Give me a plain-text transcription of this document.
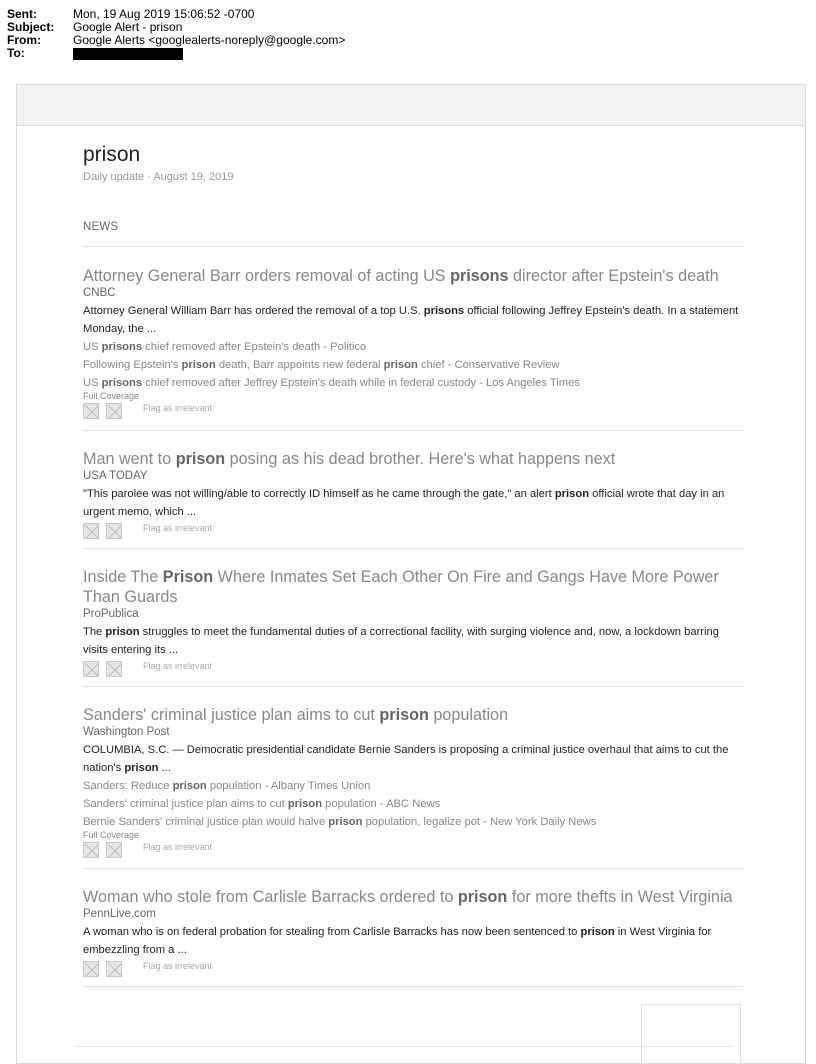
Sent:	Mon, 19 Aug 2019 15:06:52 -0700
Subject:	Google Alert - prison
From:	Google Alerts <googlealerts-noreply@google.com>
To:
prison
Daily update · August 19, 2019
NEWS
Attorney General Barr orders removal of acting US prisons director after Epstein's death
CNBC
Attorney General William Barr has ordered the removal of a top U.S. prisons official following Jeffrey Epstein's death. In a statement Monday, the ...
US prisons chief removed after Epstein's death - Politico
Following Epstein's prison death, Barr appoints new federal prison chief - Conservative Review
US prisons chief removed after Jeffrey Epstein's death while in federal custody - Los Angeles Times
Full Coverage
Flag as irrelevant
Man went to prison posing as his dead brother. Here's what happens next
USA TODAY
"This parolee was not willing/able to correctly ID himself as he came through the gate," an alert prison official wrote that day in an urgent memo, which ...
Flag as irrelevant
Inside The Prison Where Inmates Set Each Other On Fire and Gangs Have More Power Than Guards
ProPublica
The prison struggles to meet the fundamental duties of a correctional facility, with surging violence and, now, a lockdown barring visits entering its ...
Flag as irrelevant
Sanders' criminal justice plan aims to cut prison population
Washington Post
COLUMBIA, S.C. — Democratic presidential candidate Bernie Sanders is proposing a criminal justice overhaul that aims to cut the nation's prison ...
Sanders: Reduce prison population - Albany Times Union
Sanders' criminal justice plan aims to cut prison population - ABC News
Bernie Sanders' criminal justice plan would halve prison population, legalize pot - New York Daily News
Full Coverage
Flag as irrelevant
Woman who stole from Carlisle Barracks ordered to prison for more thefts in West Virginia
PennLive.com
A woman who is on federal probation for stealing from Carlisle Barracks has now been sentenced to prison in West Virginia for embezzling from a ...
Flag as irrelevant
